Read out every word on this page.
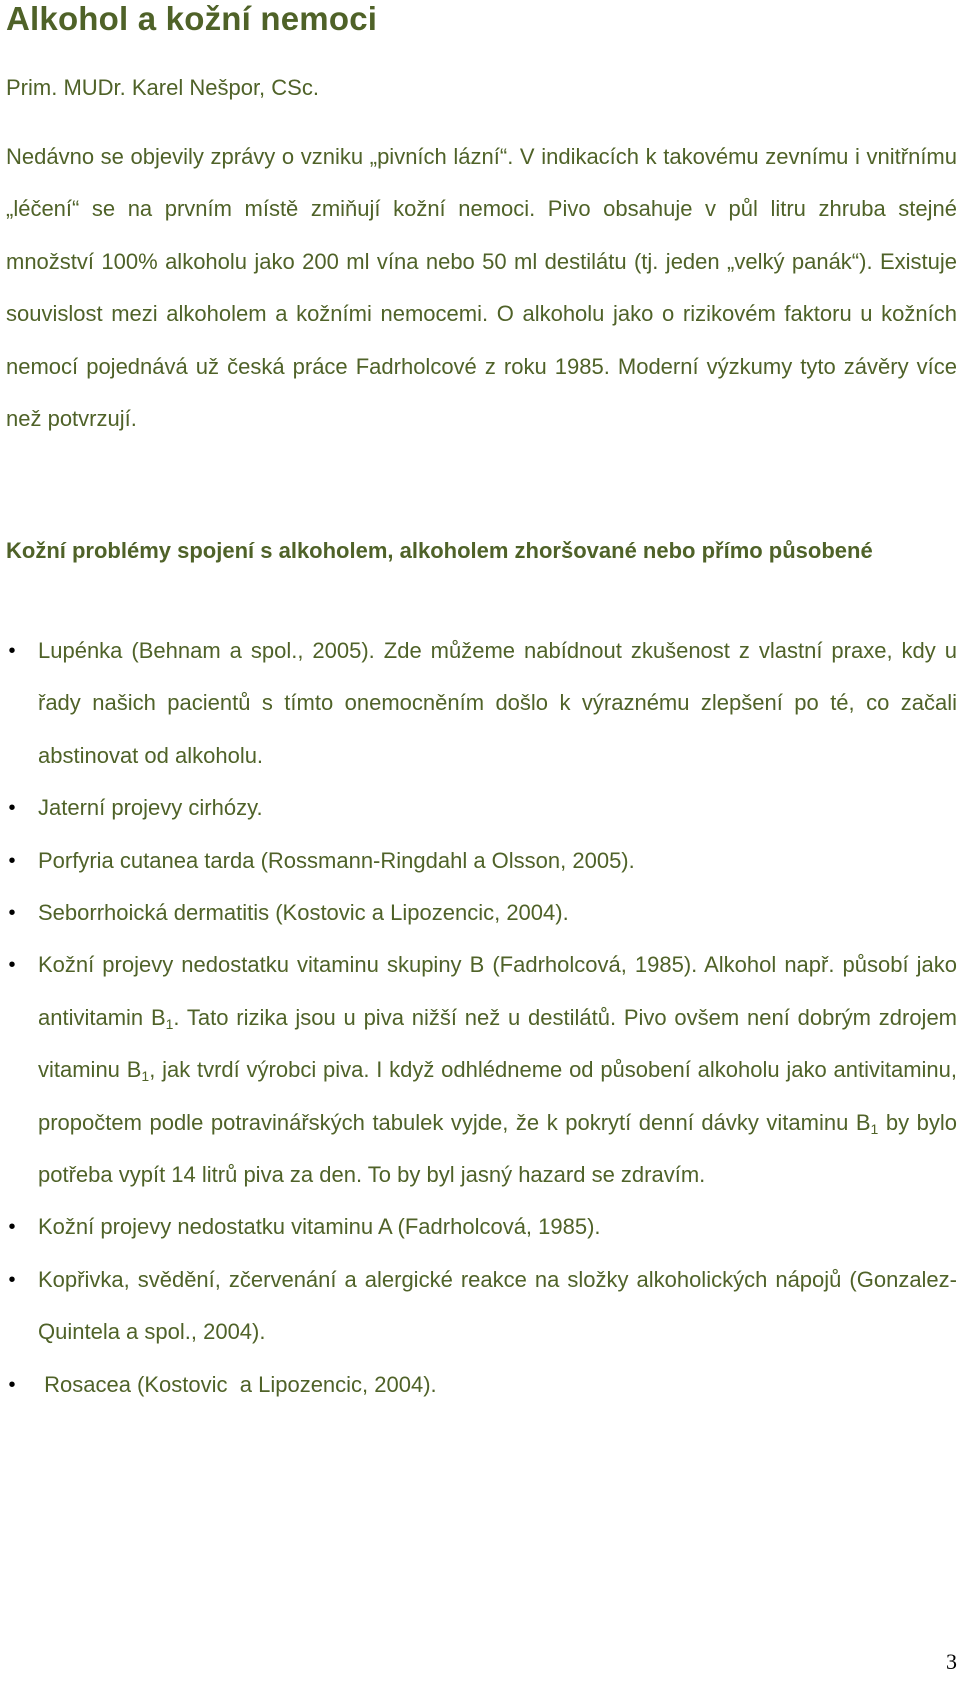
Alkohol a kožní nemoci
Prim. MUDr. Karel Nešpor, CSc.

Nedávno se objevily zprávy o vzniku „pivních lázní“. V indikacích k takovému zevnímu i vnitřnímu „léčení“ se na prvním místě zmiňují kožní nemoci. Pivo obsahuje v půl litru zhruba stejné množství 100% alkoholu jako 200 ml vína nebo 50 ml destilátu (tj. jeden „velký panák“). Existuje souvislost mezi alkoholem a kožními nemocemi. O alkoholu jako o rizikovém faktoru u kožních nemocí pojednává už česká práce Fadrholcové z roku 1985. Moderní výzkumy tyto závěry více než potvrzují.

Kožní problémy spojení s alkoholem, alkoholem zhoršované nebo přímo působené
• Lupénka (Behnam a spol., 2005). Zde můžeme nabídnout zkušenost z vlastní praxe, kdy u řady našich pacientů s tímto onemocněním došlo k výraznému zlepšení po té, co začali abstinovat od alkoholu.
• Jaterní projevy cirhózy.
• Porfyria cutanea tarda (Rossmann-Ringdahl a Olsson, 2005).
• Seborrhoická dermatitis (Kostovic a Lipozencic, 2004).
• Kožní projevy nedostatku vitaminu skupiny B (Fadrholcová, 1985). Alkohol např. působí jako antivitamin $B_1$. Tato rizika jsou u piva nižší než u destilátů. Pivo ovšem není dobrým zdrojem vitaminu $B_1$, jak tvrdí výrobci piva. I když odhlédneme od působení alkoholu jako antivitaminu, propočtem podle potravinářských tabulek vyjde, že k pokrytí denní dávky vitaminu $B_1$ by bylo potřeba vypít 14 litrů piva za den. To by byl jasný hazard se zdravím.
• Kožní projevy nedostatku vitaminu A (Fadrholcová, 1985).
• Kopřivka, svědění, zčervenání a alergické reakce na složky alkoholických nápojů (Gonzalez-Quintela a spol., 2004).
• Rosacea (Kostovic  a Lipozencic, 2004).
3
